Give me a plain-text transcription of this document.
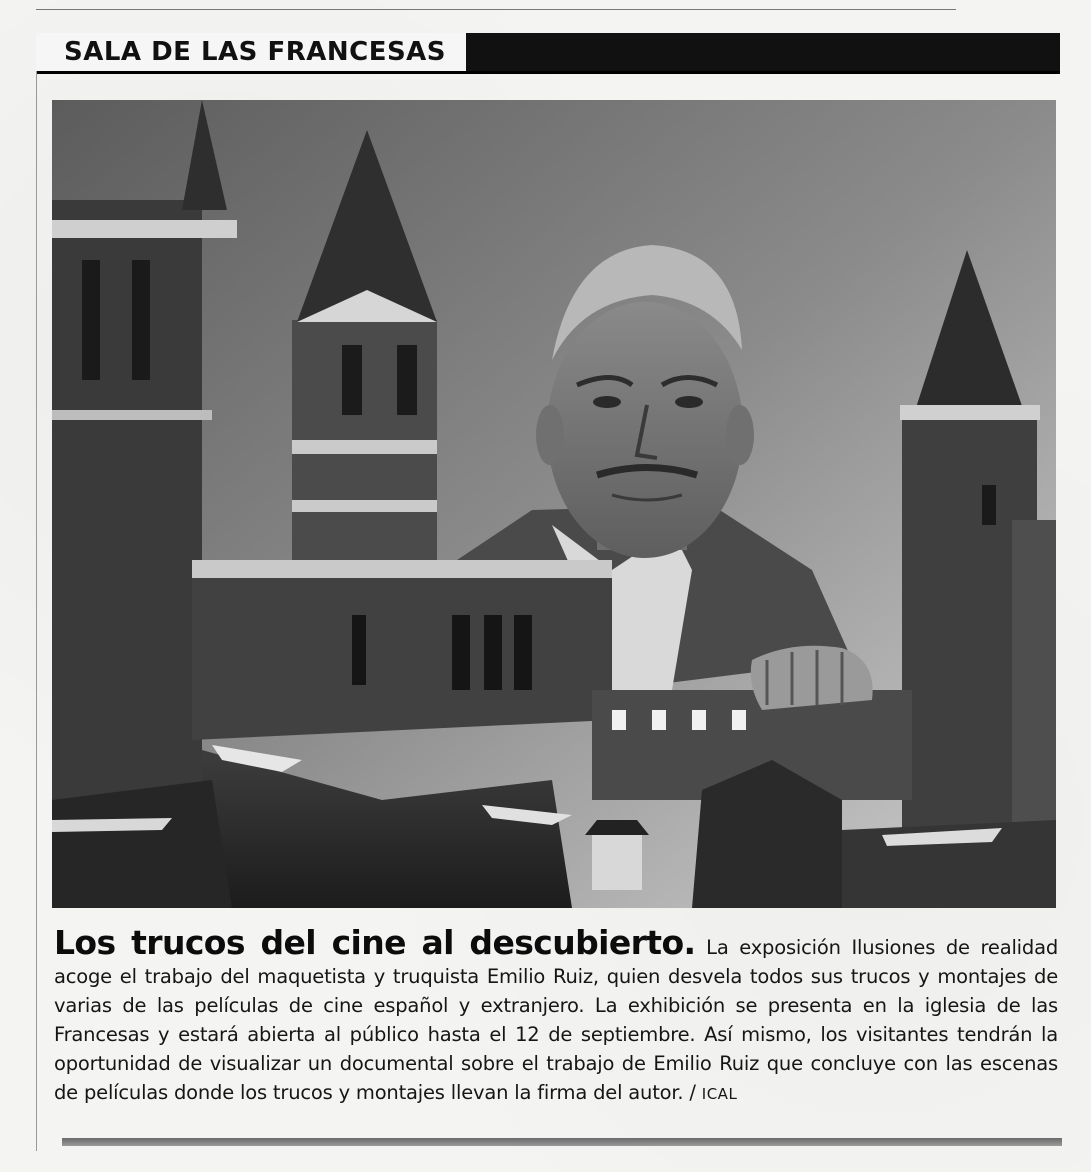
SALA DE LAS FRANCESAS
Los trucos del cine al descubierto. La exposición Ilusiones de realidad acoge el trabajo del maquetista y truquista Emilio Ruiz, quien desvela todos sus trucos y montajes de varias de las películas de cine español y extranjero. La exhibición se presenta en la iglesia de las Francesas y estará abierta al público hasta el 12 de septiembre. Así mismo, los visitantes tendrán la oportunidad de visualizar un documental sobre el trabajo de Emilio Ruiz que concluye con las escenas de películas donde los trucos y montajes llevan la firma del autor. / ICAL
